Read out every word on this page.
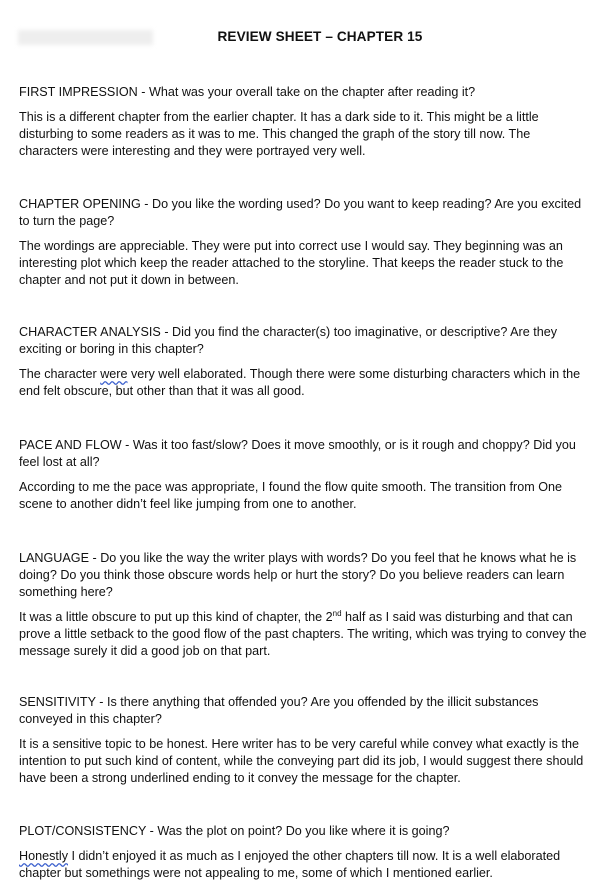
REVIEW SHEET – CHAPTER 15

FIRST IMPRESSION - What was your overall take on the chapter after reading it?

This is a different chapter from the earlier chapter. It has a dark side to it. This might be a little disturbing to some readers as it was to me. This changed the graph of the story till now. The characters were interesting and they were portrayed very well.

CHAPTER OPENING - Do you like the wording used? Do you want to keep reading? Are you excited to turn the page?

The wordings are appreciable. They were put into correct use I would say. They beginning was an interesting plot which keep the reader attached to the storyline. That keeps the reader stuck to the chapter and not put it down in between.

CHARACTER ANALYSIS - Did you find the character(s) too imaginative, or descriptive? Are they exciting or boring in this chapter?

The character were very well elaborated. Though there were some disturbing characters which in the end felt obscure, but other than that it was all good.

PACE AND FLOW - Was it too fast/slow? Does it move smoothly, or is it rough and choppy? Did you feel lost at all?

According to me the pace was appropriate, I found the flow quite smooth. The transition from One scene to another didn’t feel like jumping from one to another.

LANGUAGE - Do you like the way the writer plays with words? Do you feel that he knows what he is doing? Do you think those obscure words help or hurt the story? Do you believe readers can learn something here?

It was a little obscure to put up this kind of chapter, the 2nd half as I said was disturbing and that can prove a little setback to the good flow of the past chapters. The writing, which was trying to convey the message surely it did a good job on that part.

SENSITIVITY - Is there anything that offended you? Are you offended by the illicit substances conveyed in this chapter?

It is a sensitive topic to be honest. Here writer has to be very careful while convey what exactly is the intention to put such kind of content, while the conveying part did its job, I would suggest there should have been a strong underlined ending to it convey the message for the chapter.

PLOT/CONSISTENCY - Was the plot on point? Do you like where it is going?

Honestly I didn’t enjoyed it as much as I enjoyed the other chapters till now. It is a well elaborated chapter but somethings were not appealing to me, some of which I mentioned earlier.
